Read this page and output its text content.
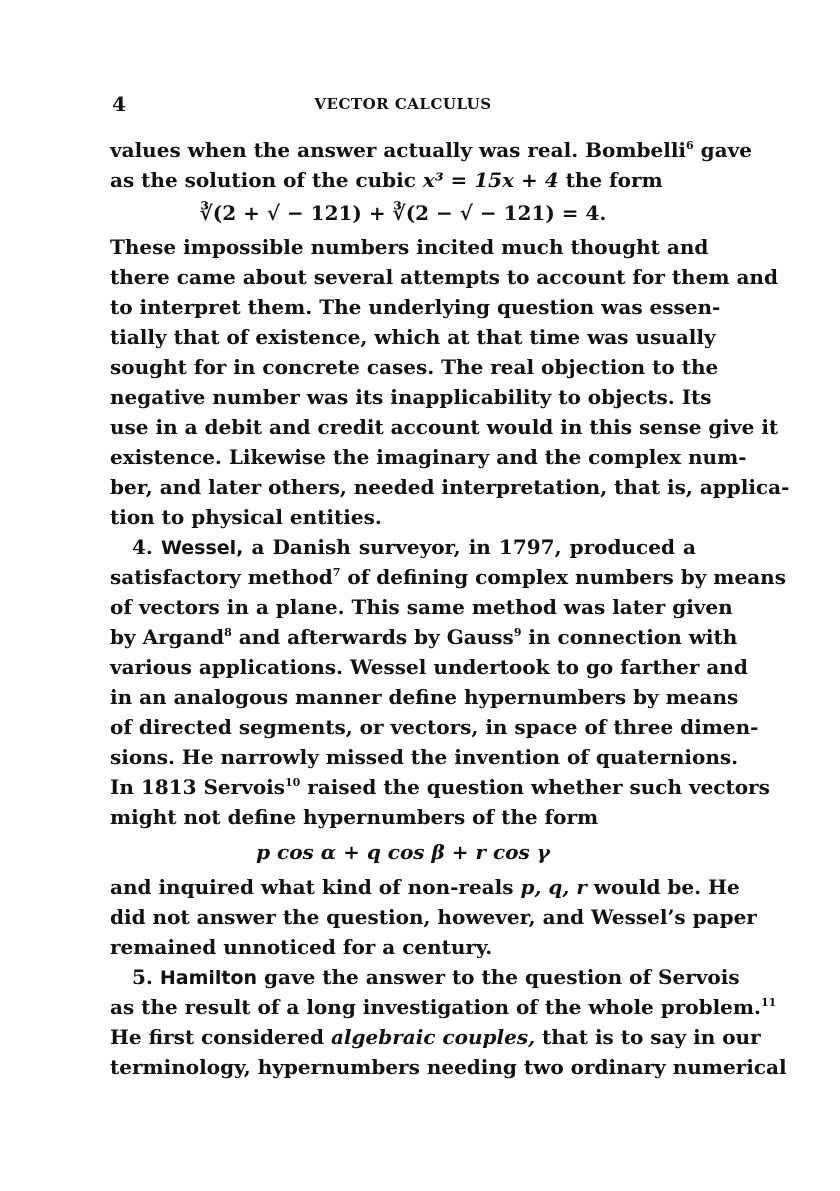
4	VECTOR CALCULUS
values when the answer actually was real. Bombelli$^6$ gave
as the solution of the cubic x³ = 15x + 4 the form
∛(2 + √ − 121) + ∛(2 − √ − 121) = 4.
These impossible numbers incited much thought and
there came about several attempts to account for them and
to interpret them. The underlying question was essen-
tially that of existence, which at that time was usually
sought for in concrete cases. The real objection to the
negative number was its inapplicability to objects. Its
use in a debit and credit account would in this sense give it
existence. Likewise the imaginary and the complex num-
ber, and later others, needed interpretation, that is, applica-
tion to physical entities.
4. Wessel, a Danish surveyor, in 1797, produced a
satisfactory method$^7$ of defining complex numbers by means
of vectors in a plane. This same method was later given
by Argand$^8$ and afterwards by Gauss$^9$ in connection with
various applications. Wessel undertook to go farther and
in an analogous manner define hypernumbers by means
of directed segments, or vectors, in space of three dimen-
sions. He narrowly missed the invention of quaternions.
In 1813 Servois$^{10}$ raised the question whether such vectors
might not define hypernumbers of the form
p cos α + q cos β + r cos γ
and inquired what kind of non-reals p, q, r would be. He
did not answer the question, however, and Wessel’s paper
remained unnoticed for a century.
5. Hamilton gave the answer to the question of Servois
as the result of a long investigation of the whole problem.$^{11}$
He first considered algebraic couples, that is to say in our
terminology, hypernumbers needing two ordinary numerical
